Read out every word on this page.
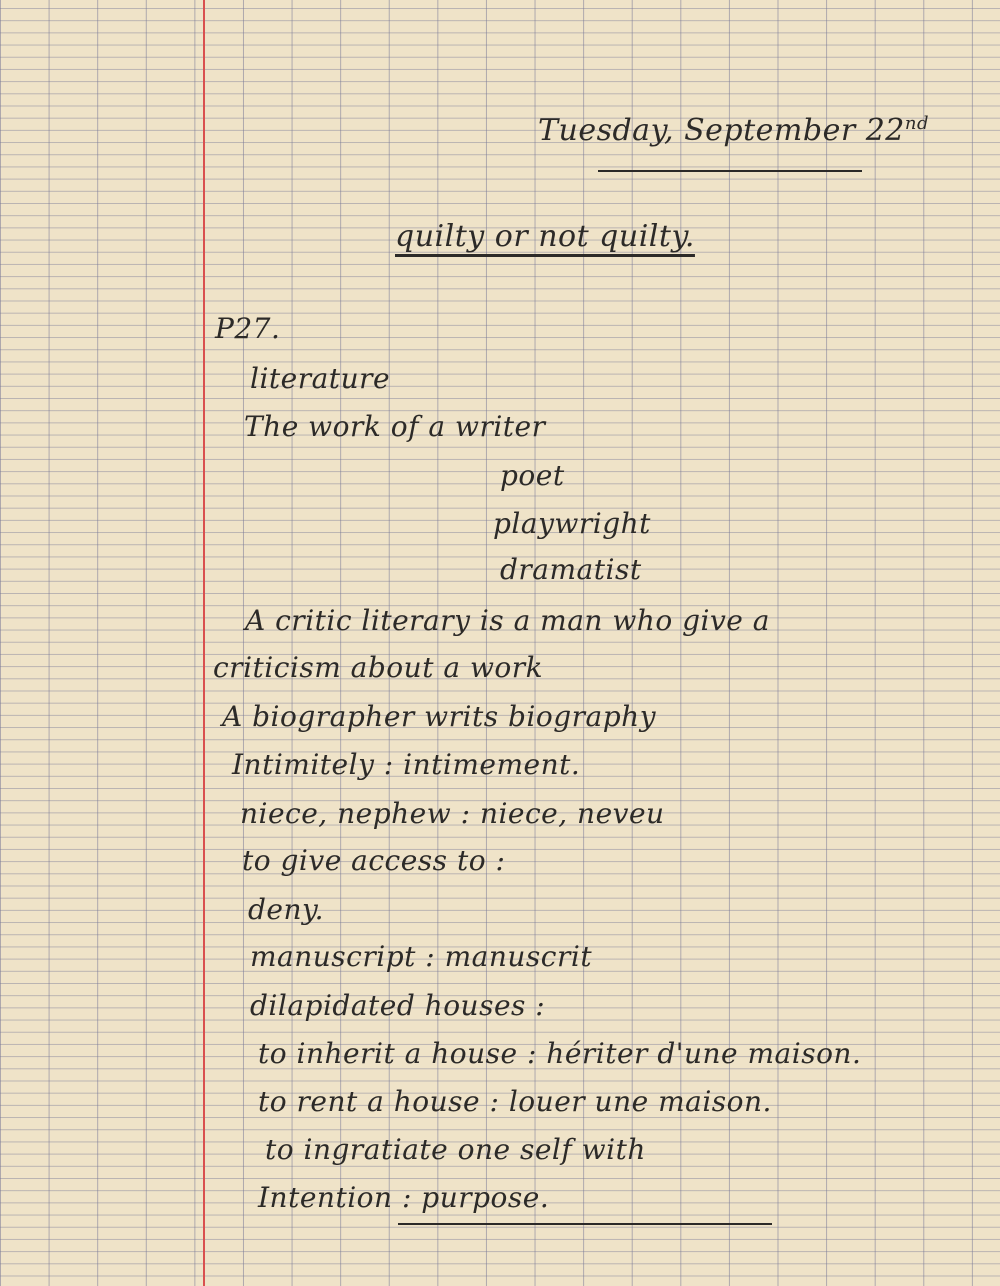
Tuesday, September 22nd
quilty or not quilty.
P27.
literature
The work of a writer
poet
playwright
dramatist
A critic literary is a man who give a
criticism about a work
A biographer writs biography
Intimitely : intimement.
niece, nephew : niece, neveu
to give access to :
deny.
manuscript : manuscrit
dilapidated houses :
to inherit a house : hériter d'une maison.
to rent a house : louer une maison.
to ingratiate one self with
Intention : purpose.
